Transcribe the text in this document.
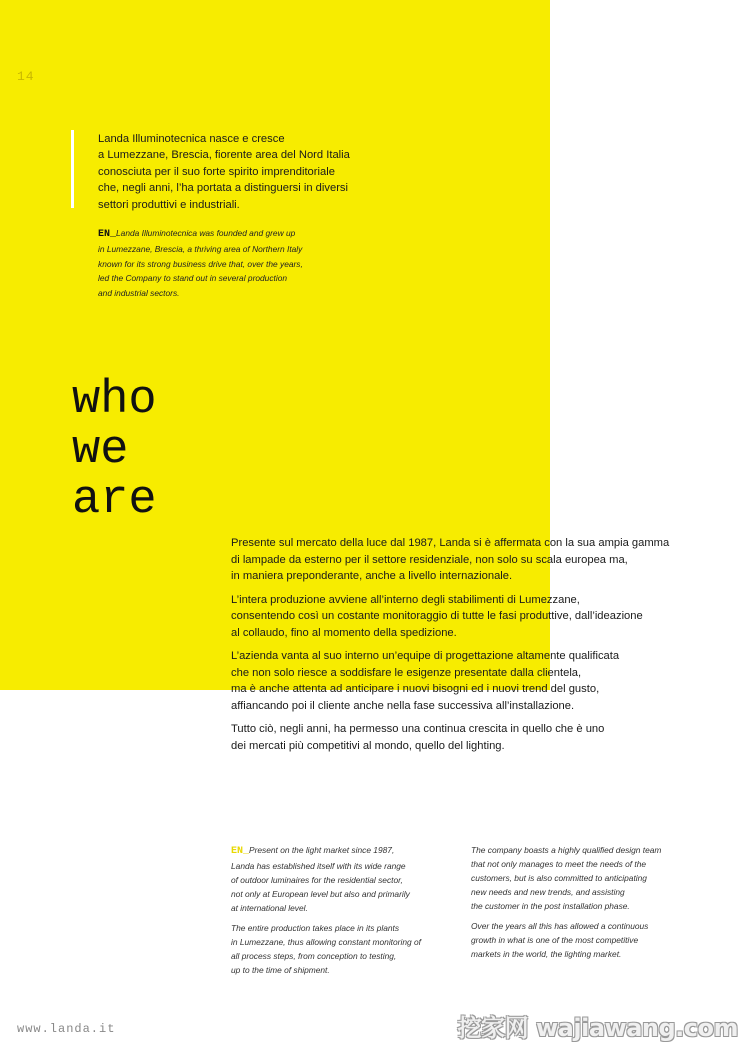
14

Landa Illuminotecnica nasce e cresce

a Lumezzane, Brescia, fiorente area del Nord Italia

conosciuta per il suo forte spirito imprenditoriale

che, negli anni, l’ha portata a distinguersi in diversi

settori produttivi e industriali.

EN_Landa Illuminotecnica was founded and grew up

in Lumezzane, Brescia, a thriving area of Northern Italy

known for its strong business drive that, over the years,

led the Company to stand out in several production

and industrial sectors.

who
we
are

Presente sul mercato della luce dal 1987, Landa si è affermata con la sua ampia gamma
di lampade da esterno per il settore residenziale, non solo su scala europea ma,
in maniera preponderante, anche a livello internazionale.

L’intera produzione avviene all’interno degli stabilimenti di Lumezzane,
consentendo così un costante monitoraggio di tutte le fasi produttive, dall’ideazione
al collaudo, fino al momento della spedizione.

L’azienda vanta al suo interno un’equipe di progettazione altamente qualificata
che non solo riesce a soddisfare le esigenze presentate dalla clientela,
ma è anche attenta ad anticipare i nuovi bisogni ed i nuovi trend del gusto,
affiancando poi il cliente anche nella fase successiva all’installazione.

Tutto ciò, negli anni, ha permesso una continua crescita in quello che è uno
dei mercati più competitivi al mondo, quello del lighting.

EN_Present on the light market since 1987,
Landa has established itself with its wide range
of outdoor luminaires for the residential sector,
not only at European level but also and primarily
at international level.

The entire production takes place in its plants
in Lumezzane, thus allowing constant monitoring of
all process steps, from conception to testing,
up to the time of shipment.

The company boasts a highly qualified design team
that not only manages to meet the needs of the
customers, but is also committed to anticipating
new needs and new trends, and assisting
the customer in the post installation phase.

Over the years all this has allowed a continuous
growth in what is one of the most competitive
markets in the world, the lighting market.

www.landa.it	挖家网 wajiawang.com
